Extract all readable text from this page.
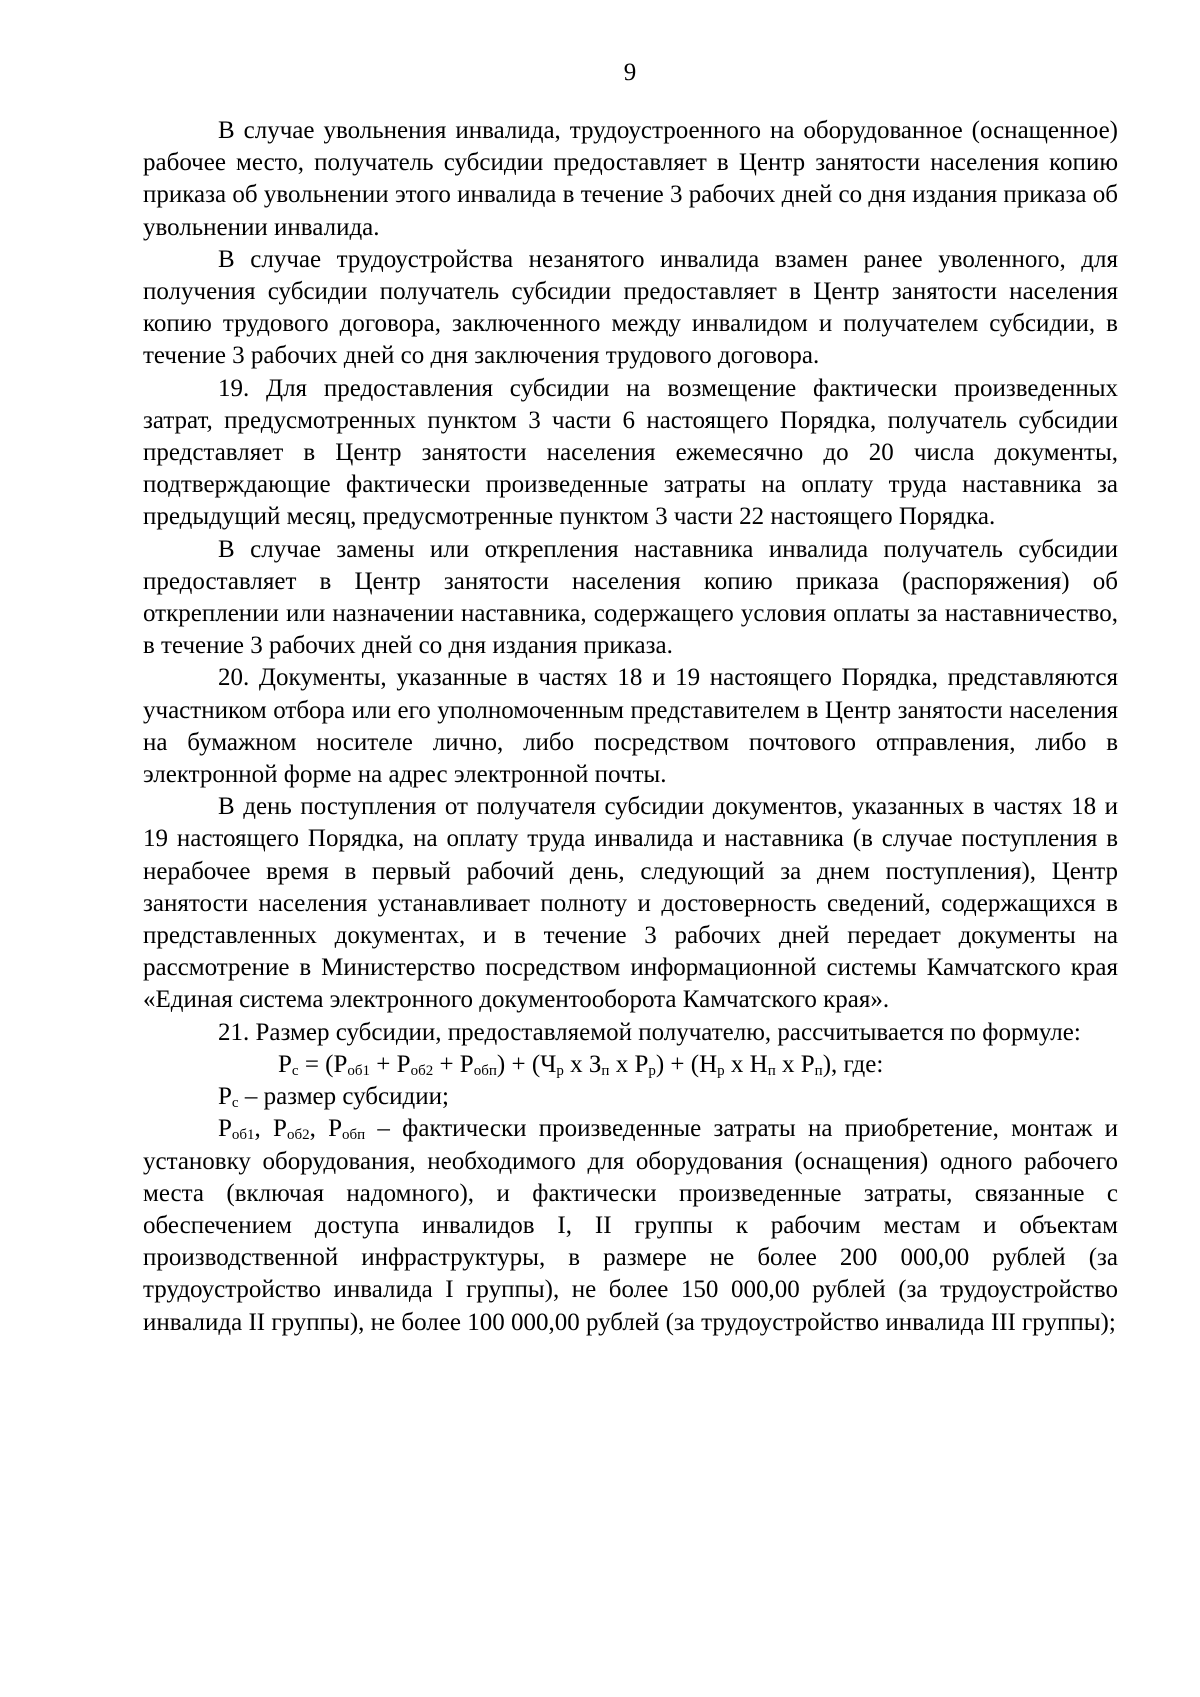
9

В случае увольнения инвалида, трудоустроенного на оборудованное (оснащенное) рабочее место, получатель субсидии предоставляет в Центр занятости населения копию приказа об увольнении этого инвалида в течение 3 рабочих дней со дня издания приказа об увольнении инвалида.

В случае трудоустройства незанятого инвалида взамен ранее уволенного, для получения субсидии получатель субсидии предоставляет в Центр занятости населения копию трудового договора, заключенного между инвалидом и получателем субсидии, в течение 3 рабочих дней со дня заключения трудового договора.

19. Для предоставления субсидии на возмещение фактически произведенных затрат, предусмотренных пунктом 3 части 6 настоящего Порядка, получатель субсидии представляет в Центр занятости населения ежемесячно до 20 числа документы, подтверждающие фактически произведенные затраты на оплату труда наставника за предыдущий месяц, предусмотренные пунктом 3 части 22 настоящего Порядка.

В случае замены или открепления наставника инвалида получатель субсидии предоставляет в Центр занятости населения копию приказа (распоряжения) об откреплении или назначении наставника, содержащего условия оплаты за наставничество, в течение 3 рабочих дней со дня издания приказа.

20. Документы, указанные в частях 18 и 19 настоящего Порядка, представляются участником отбора или его уполномоченным представителем в Центр занятости населения на бумажном носителе лично, либо посредством почтового отправления, либо в электронной форме на адрес электронной почты.

В день поступления от получателя субсидии документов, указанных в частях 18 и 19 настоящего Порядка, на оплату труда инвалида и наставника (в случае поступления в нерабочее время в первый рабочий день, следующий за днем поступления), Центр занятости населения устанавливает полноту и достоверность сведений, содержащихся в представленных документах, и в течение 3 рабочих дней передает документы на рассмотрение в Министерство посредством информационной системы Камчатского края «Единая система электронного документооборота Камчатского края».

21. Размер субсидии, предоставляемой получателю, рассчитывается по формуле:

$Р_с = (Р_{об1} + Р_{об2} + Р_{обп}) + (Ч_р$ х $З_п$ х $Р_р) + (Н_р$ х $Н_п$ х $Р_п$), где:

$Р_с$ – размер субсидии;

$Р_{об1}$, $Р_{об2}$, $Р_{обп}$ – фактически произведенные затраты на приобретение, монтаж и установку оборудования, необходимого для оборудования (оснащения) одного рабочего места (включая надомного), и фактически произведенные затраты, связанные с обеспечением доступа инвалидов I, II группы к рабочим местам и объектам производственной инфраструктуры, в размере не более 200 000,00 рублей (за трудоустройство инвалида I группы), не более 150 000,00 рублей (за трудоустройство инвалида II группы), не более 100 000,00 рублей (за трудоустройство инвалида III группы);
